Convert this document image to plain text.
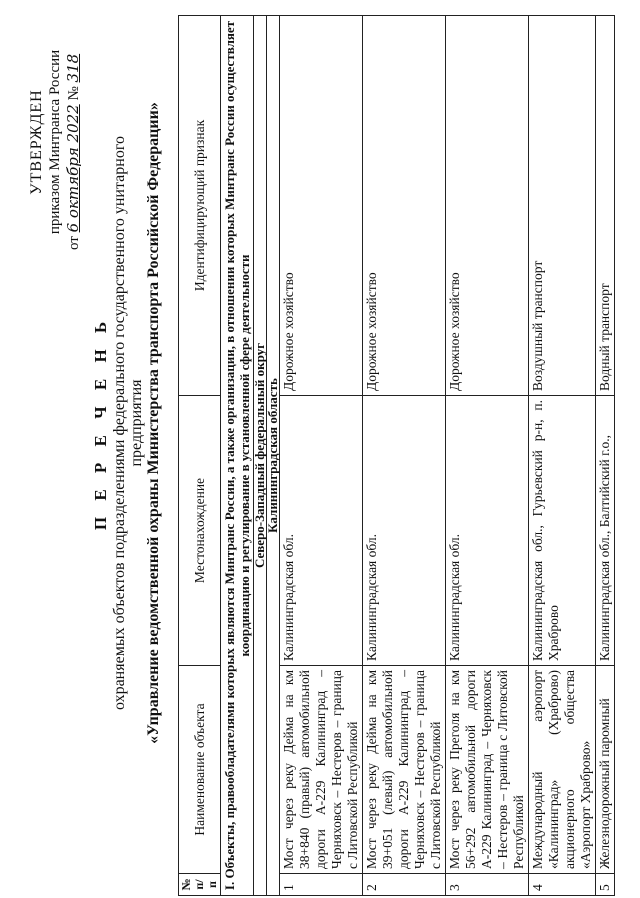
УТВЕРЖДЕН приказом Минтранса России
от 6 октября 2022 № 318
П Е Р Е Ч Е Н Ь охраняемых объектов подразделениями федерального государственного унитарного предприятия «Управление ведомственной охраны Министерства транспорта Российской Федерации»
№ п/п	Наименование объекта	Местонахождение	Идентифицирующий признак
I. Объекты, правообладателями которых являются Минтранс России, а также организации, в отношении которых Минтранс России осуществляет координацию и регулирование в установленной сфере деятельности			
Северо-Западный федеральный округ			
Калининградская область			
1	Мост через реку Дейма на км 38+840 (правый) автомобильной дороги А-229 Калининград – Черняховск – Нестеров – граница с Литовской Республикой	Калининградская обл.	Дорожное хозяйство
2	Мост через реку Дейма на км 39+051 (левый) автомобильной дороги А-229 Калининград – Черняховск – Нестеров – граница с Литовской Республикой	Калининградская обл.	Дорожное хозяйство
3	Мост через реку Преголя на км 56+292 автомобильной дороги А-229 Калининград – Черняховск – Нестеров – граница с Литовской Республикой	Калининградская обл.	Дорожное хозяйство
4	Международный аэропорт «Калининград» (Храброво) акционерного общества «Аэропорт Храброво»	Калининградская обл., Гурьевский р-н, п. Храброво	Воздушный транспорт
5	Железнодорожный паромный	Калининградская обл., Балтийский г.о.,	Водный транспорт
